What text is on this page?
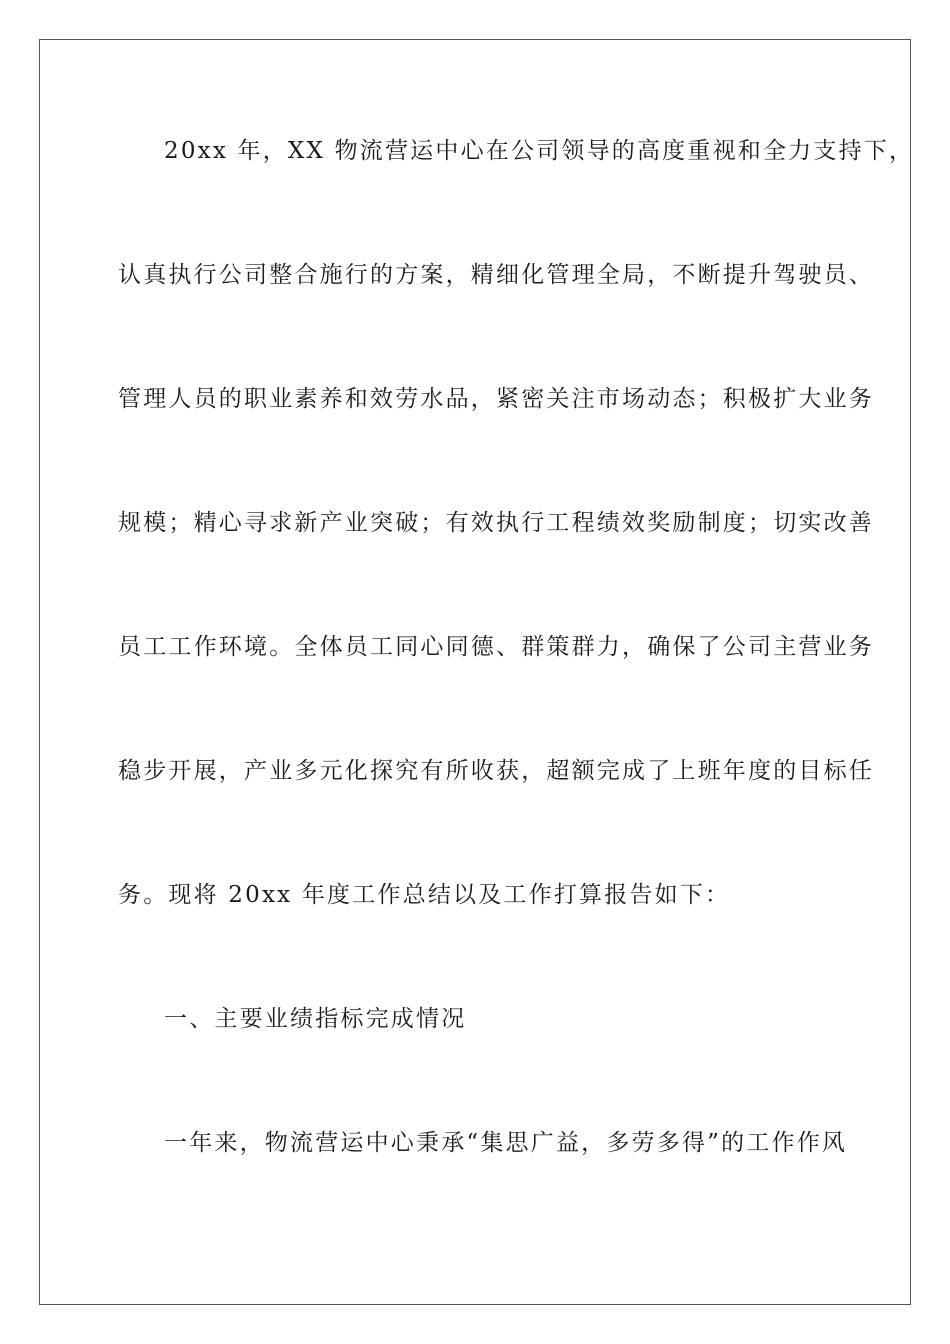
20xx 年，XX 物流营运中心在公司领导的高度重视和全力支持下，
认真执行公司整合施行的方案，精细化管理全局，不断提升驾驶员、
管理人员的职业素养和效劳水品，紧密关注市场动态；积极扩大业务
规模；精心寻求新产业突破；有效执行工程绩效奖励制度；切实改善
员工工作环境。全体员工同心同德、群策群力，确保了公司主营业务
稳步开展，产业多元化探究有所收获，超额完成了上班年度的目标任
务。现将 20xx 年度工作总结以及工作打算报告如下：
一、主要业绩指标完成情况
一年来，物流营运中心秉承“集思广益，多劳多得”的工作作风
